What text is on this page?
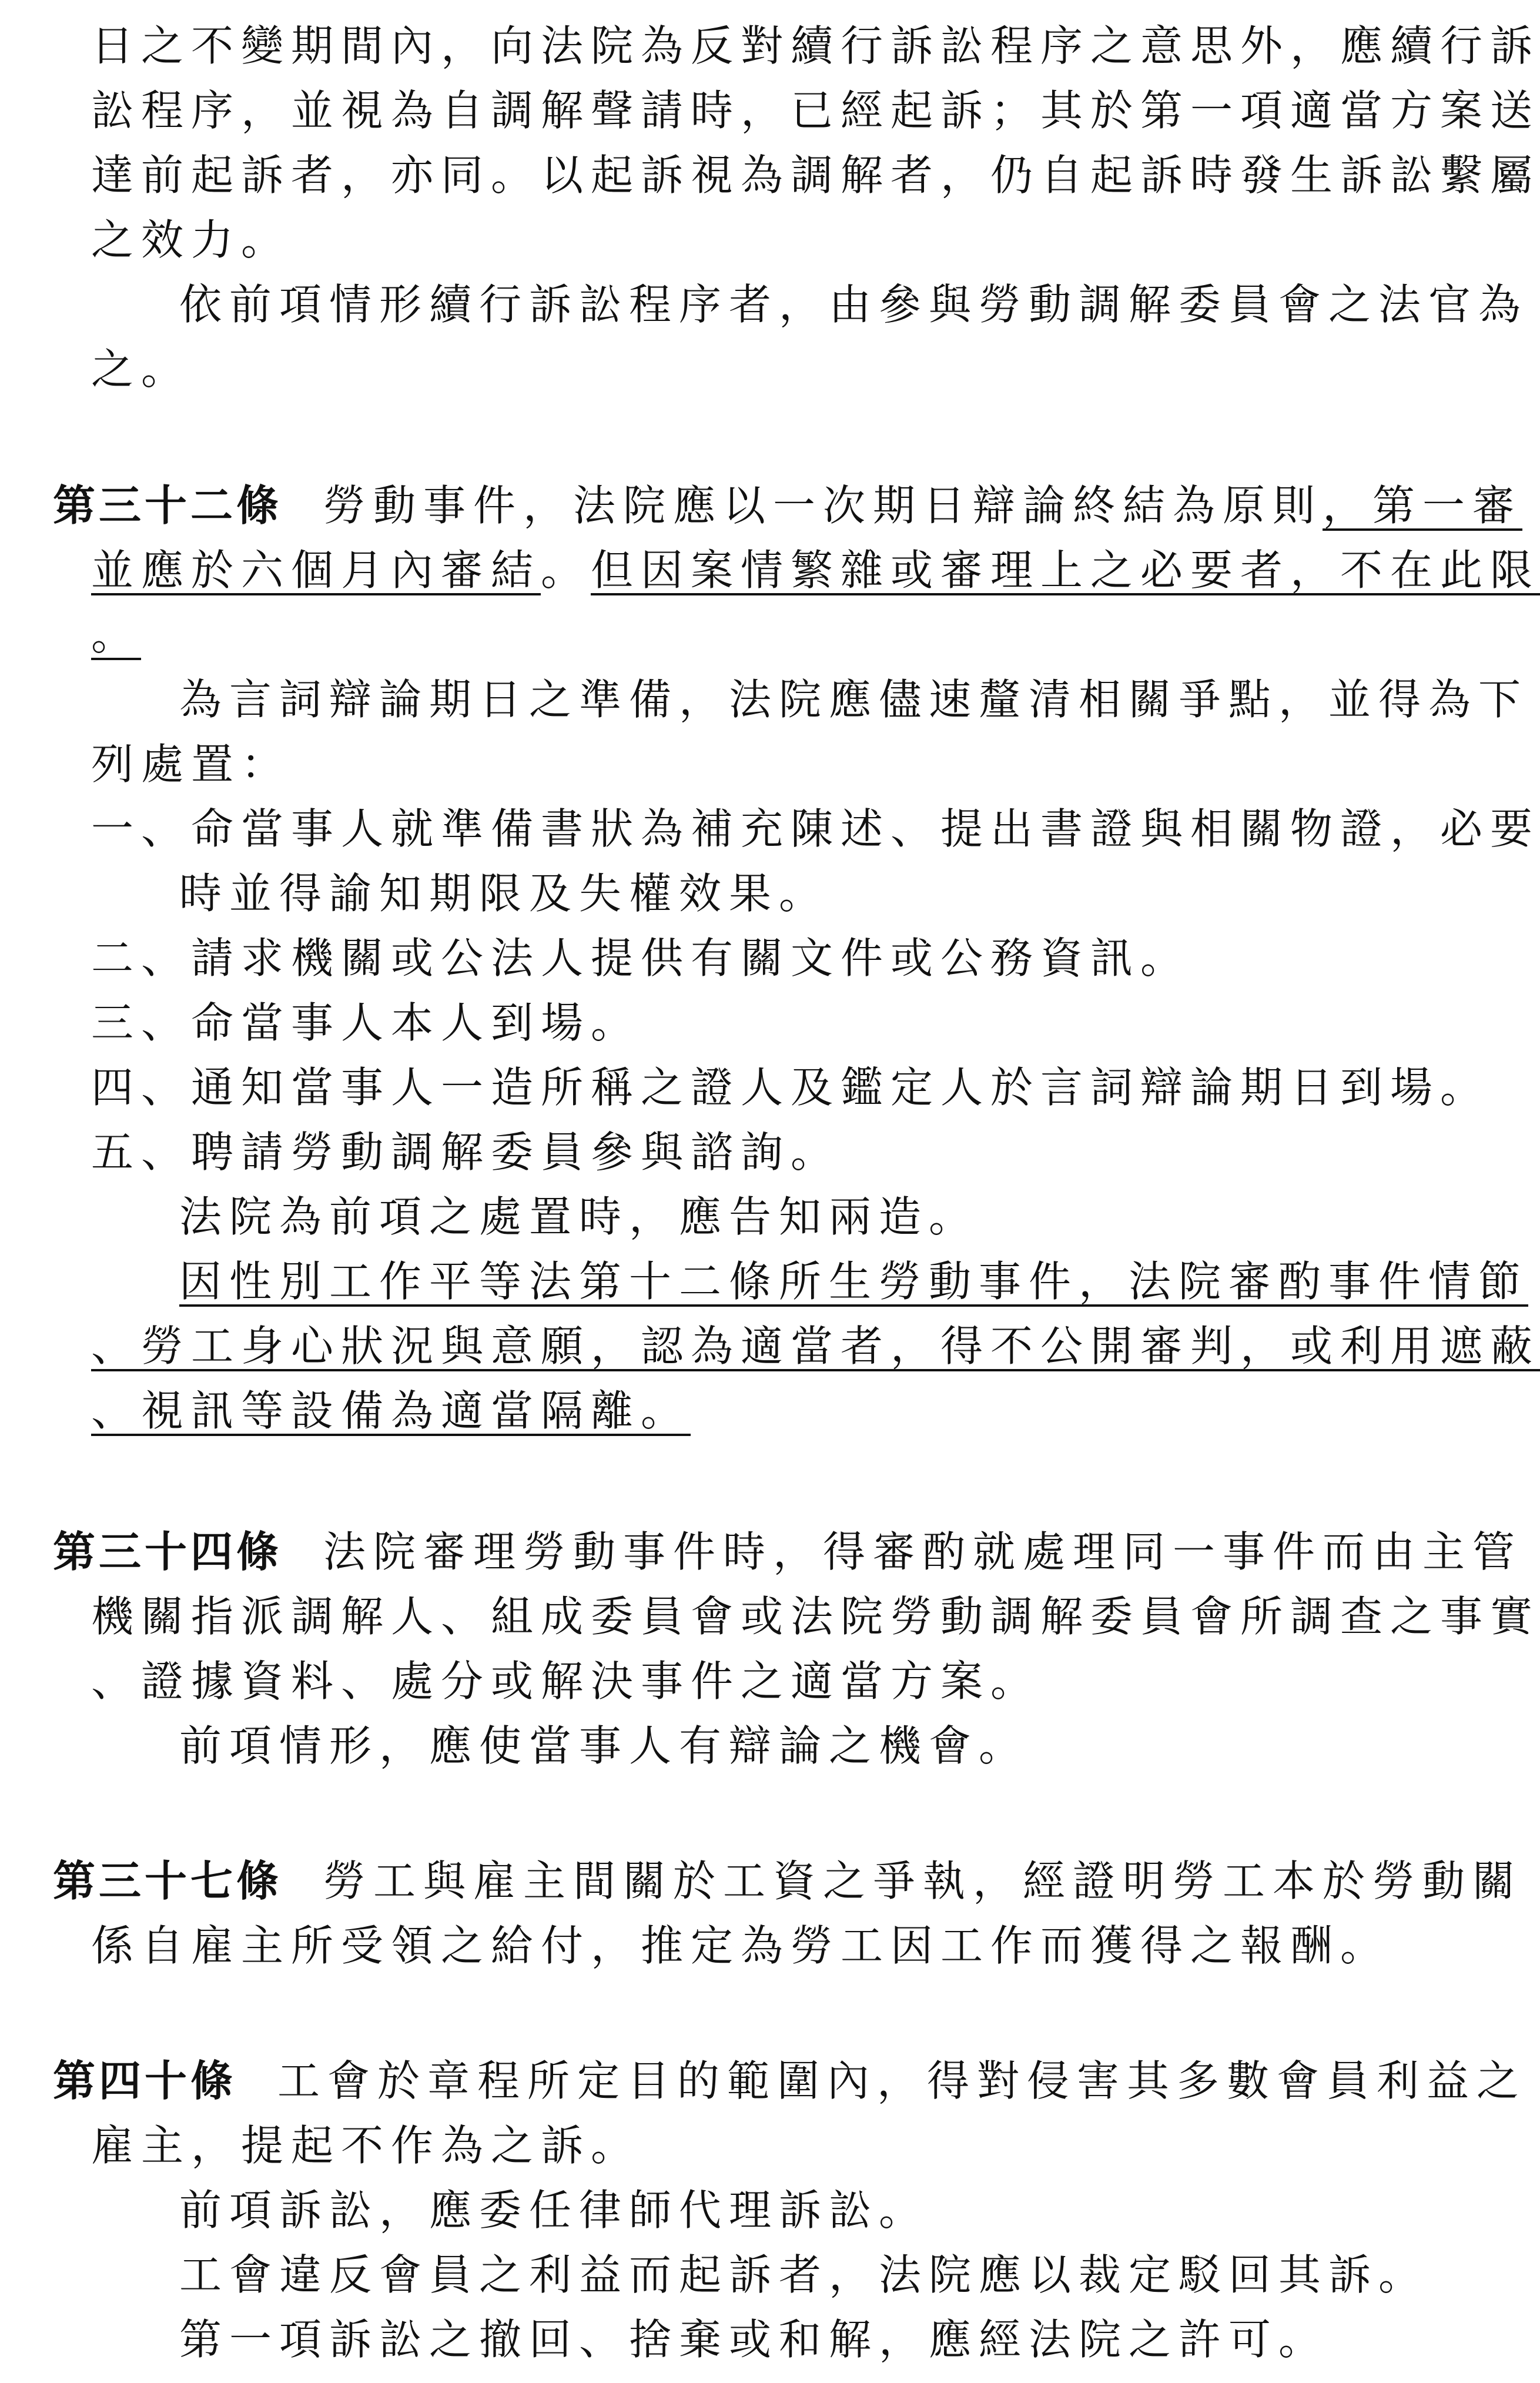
日之不變期間內，向法院為反對續行訴訟程序之意思外，應續行訴
訟程序，並視為自調解聲請時，已經起訴；其於第一項適當方案送
達前起訴者，亦同。以起訴視為調解者，仍自起訴時發生訴訟繫屬
之效力。
依前項情形續行訴訟程序者，由參與勞動調解委員會之法官為
之。
第三十二條 勞動事件，法院應以一次期日辯論終結為原則，第一審
並應於六個月內審結。但因案情繁雜或審理上之必要者，不在此限
。
為言詞辯論期日之準備，法院應儘速釐清相關爭點，並得為下
列處置：
一、命當事人就準備書狀為補充陳述、提出書證與相關物證，必要
時並得諭知期限及失權效果。
二、請求機關或公法人提供有關文件或公務資訊。
三、命當事人本人到場。
四、通知當事人一造所稱之證人及鑑定人於言詞辯論期日到場。
五、聘請勞動調解委員參與諮詢。
法院為前項之處置時，應告知兩造。
因性別工作平等法第十二條所生勞動事件，法院審酌事件情節
、勞工身心狀況與意願，認為適當者，得不公開審判，或利用遮蔽
、視訊等設備為適當隔離。
第三十四條 法院審理勞動事件時，得審酌就處理同一事件而由主管
機關指派調解人、組成委員會或法院勞動調解委員會所調查之事實
、證據資料、處分或解決事件之適當方案。
前項情形，應使當事人有辯論之機會。
第三十七條 勞工與雇主間關於工資之爭執，經證明勞工本於勞動關
係自雇主所受領之給付，推定為勞工因工作而獲得之報酬。
第四十條 工會於章程所定目的範圍內，得對侵害其多數會員利益之
雇主，提起不作為之訴。
前項訴訟，應委任律師代理訴訟。
工會違反會員之利益而起訴者，法院應以裁定駁回其訴。
第一項訴訟之撤回、捨棄或和解，應經法院之許可。
